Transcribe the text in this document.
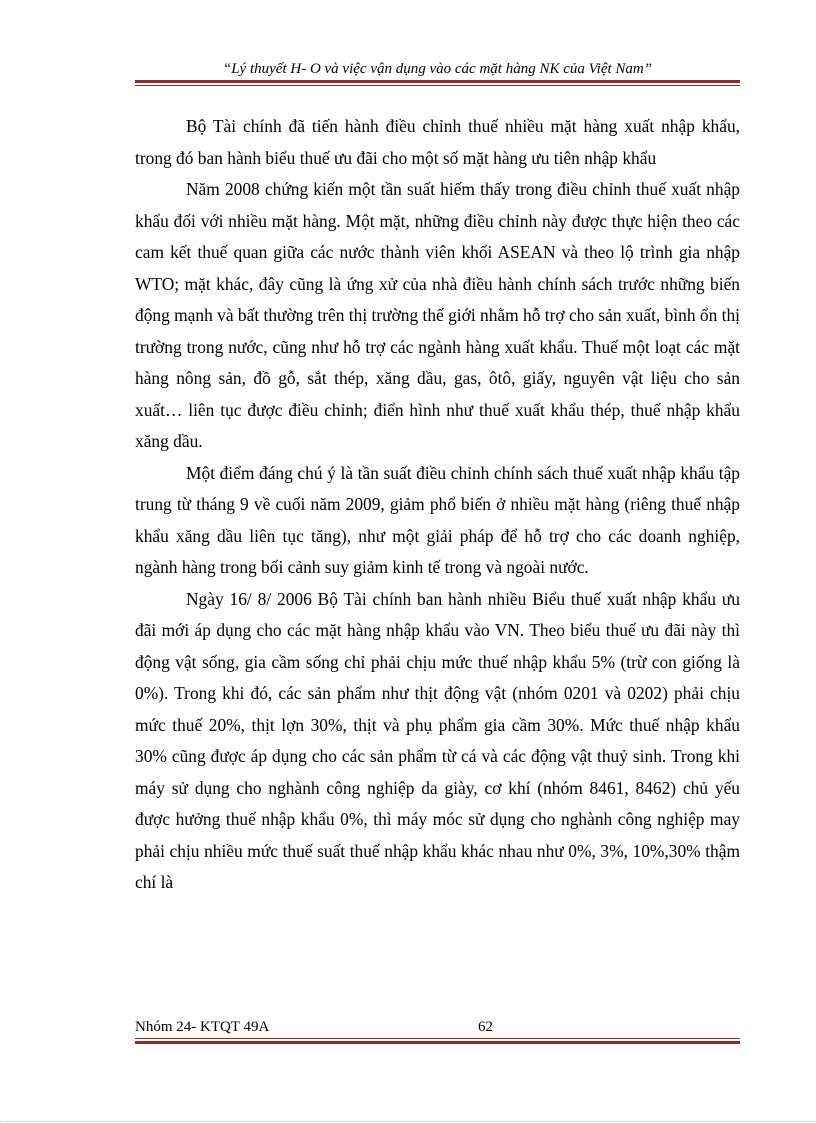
“Lý thuyết H- O và việc vận dụng vào các mặt hàng NK của Việt Nam”

Bộ Tài chính đã tiến hành điều chỉnh thuế nhiều mặt hàng xuất nhập khẩu, trong đó ban hành biểu thuế ưu đãi cho một số mặt hàng ưu tiên nhập khẩu

Năm 2008 chứng kiến một tần suất hiếm thấy trong điều chỉnh thuế xuất nhập khẩu đối với nhiều mặt hàng. Một mặt, những điều chỉnh này được thực hiện theo các cam kết thuế quan giữa các nước thành viên khối ASEAN và theo lộ trình gia nhập WTO; mặt khác, đây cũng là ứng xử của nhà điều hành chính sách trước những biến động mạnh và bất thường trên thị trường thế giới nhằm hỗ trợ cho sản xuất, bình ổn thị trường trong nước, cũng như hỗ trợ các ngành hàng xuất khẩu. Thuế một loạt các mặt hàng nông sản, đồ gỗ, sắt thép, xăng dầu, gas, ôtô, giấy, nguyên vật liệu cho sản xuất… liên tục được điều chỉnh; điển hình như thuế xuất khẩu thép, thuế nhập khẩu xăng dầu.

Một điểm đáng chú ý là tần suất điều chỉnh chính sách thuế xuất nhập khẩu tập trung từ tháng 9 về cuối năm 2009, giảm phổ biến ở nhiều mặt hàng (riêng thuế nhập khẩu xăng dầu liên tục tăng), như một giải pháp để hỗ trợ cho các doanh nghiệp, ngành hàng trong bối cảnh suy giảm kinh tế trong và ngoài nước.

Ngày 16/ 8/ 2006 Bộ Tài chính ban hành nhiều Biểu thuế xuất nhập khẩu ưu đãi mới áp dụng cho các mặt hàng nhập khẩu vào VN. Theo biểu thuế ưu đãi này thì động vật sống, gia cầm sống chỉ phải chịu mức thuế nhập khẩu 5% (trừ con giống là 0%). Trong khi đó, các sản phẩm như thịt động vật (nhóm 0201 và 0202) phải chịu mức thuế 20%, thịt lợn 30%, thịt và phụ phẩm gia cầm 30%. Mức thuế nhập khẩu 30% cũng được áp dụng cho các sản phẩm từ cá và các động vật thuỷ sinh. Trong khi máy sử dụng cho nghành công nghiệp da giày, cơ khí (nhóm 8461, 8462) chủ yếu được hưởng thuế nhập khẩu 0%, thì máy móc sử dụng cho nghành công nghiệp may phải chịu nhiều mức thuế suất thuế nhập khẩu khác nhau như 0%, 3%, 10%,30% thậm chí là

Nhóm 24- KTQT 49A	62
